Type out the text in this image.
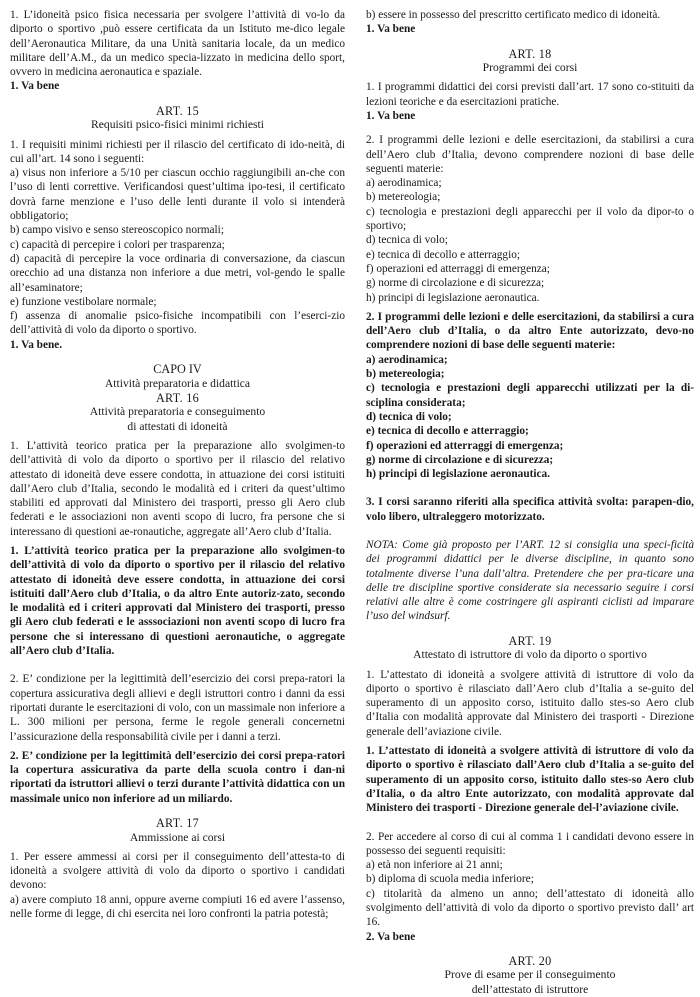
1. L’idoneità psico fisica necessaria per svolgere l’attività di vo-lo da diporto o sportivo ,può essere certificata da un Istituto me-dico legale dell’Aeronautica Militare, da una Unità sanitaria locale, da un medico militare dell’A.M., da un medico specia-lizzato in medicina dello sport, ovvero in medicina aeronautica e spaziale.

1. Va bene

ART. 15
Requisiti psico-fisici minimi richiesti

1. I requisiti minimi richiesti per il rilascio del certificato di ido-neità, di cui all’art. 14 sono i seguenti:

a) visus non inferiore a 5/10 per ciascun occhio raggiungibili an-che con l’uso di lenti correttive. Verificandosi quest’ultima ipo-tesi, il certificato dovrà farne menzione e l’uso delle lenti durante il volo si intenderà obbligatorio;

b) campo visivo e senso stereoscopico normali;

c) capacità di percepire i colori per trasparenza;

d) capacità di percepire la voce ordinaria di conversazione, da ciascun orecchio ad una distanza non inferiore a due metri, vol-gendo le spalle all’esaminatore;

e) funzione vestibolare normale;

f) assenza di anomalie psico-fisiche incompatibili con l’eserci-zio dell’attività di volo da diporto o sportivo.

1. Va bene.

CAPO IV
Attività preparatoria e didattica
ART. 16
Attività preparatoria e conseguimento
di attestati di idoneità

1. L’attività teorico pratica per la preparazione allo svolgimen-to dell’attività di volo da diporto o sportivo per il rilascio del relativo attestato di idoneità deve essere condotta, in attuazione dei corsi istituiti dall’Aero club d’Italia, secondo le modalità ed i criteri da quest’ultimo stabiliti ed approvati dal Ministero dei trasporti, presso gli Aero club federati e le associazioni non aventi scopo di lucro, fra persone che si interessano di questioni ae-ronautiche, aggregate all’Aero club d’Italia.

1. L’attività teorico pratica per la preparazione allo svolgimen-to dell’attività di volo da diporto o sportivo per il rilascio del relativo attestato di idoneità deve essere condotta, in attuazione dei corsi istituiti dall’Aero club d’Italia, o da altro Ente autoriz-zato, secondo le modalità ed i criteri approvati dal Ministero dei trasporti, presso gli Aero club federati e le asssociazioni non aventi scopo di lucro fra persone che si interessano di questioni aeronautiche, o aggregate all’Aero club d’Italia.

2. E’ condizione per la legittimità dell’esercizio dei corsi prepa-ratori la copertura assicurativa degli allievi e degli istruttori contro i danni da essi riportati durante le esercitazioni di volo, con un massimale non inferiore a L. 300 milioni per persona, ferme le regole generali concernetni l’assicurazione della responsabilità civile per i danni a terzi.

2. E’ condizione per la legittimità dell’esercizio dei corsi prepa-ratori la copertura assicurativa da parte della scuola contro i dan-ni riportati da istruttori allievi o terzi durante l’attività didattica con un massimale unico non inferiore ad un miliardo.

ART. 17
Ammissione ai corsi

1. Per essere ammessi ai corsi per il conseguimento dell’attesta-to di idoneità a svolgere attività di volo da diporto o sportivo i candidati devono:

a) avere compiuto 18 anni, oppure averne compiuti 16 ed avere l’assenso, nelle forme di legge, di chi esercita nei loro confronti la patria potestà;

b) essere in possesso del prescritto certificato medico di idoneità.

1. Va bene

ART. 18
Programmi dei corsi

1. I programmi didattici dei corsi previsti dall’art. 17 sono co-stituiti da lezioni teoriche e da esercitazioni pratiche.

1. Va bene

2. I programmi delle lezioni e delle esercitazioni, da stabilirsi a cura dell’Aero club d’Italia, devono comprendere nozioni di base delle seguenti materie:

a) aerodinamica;

b) metereologia;

c) tecnologia e prestazioni degli apparecchi per il volo da dipor-to o sportivo;

d) tecnica di volo;

e) tecnica di decollo e atterraggio;

f) operazioni ed atterraggi di emergenza;

g) norme di circolazione e di sicurezza;

h) principi di legislazione aeronautica.

2. I programmi delle lezioni e delle esercitazioni, da stabilirsi a cura dell’Aero club d’Italia, o da altro Ente autorizzato, devo-no comprendere nozioni di base delle seguenti materie:

a) aerodinamica;

b) metereologia;

c) tecnologia e prestazioni degli apparecchi utilizzati per la di-sciplina considerata;

d) tecnica di volo;

e) tecnica di decollo e atterraggio;

f) operazioni ed atterraggi di emergenza;

g) norme di circolazione e di sicurezza;

h) principi di legislazione aeronautica.

3. I corsi saranno riferiti alla specifica attività svolta: parapen-dio, volo libero, ultraleggero motorizzato.

NOTA: Come già proposto per l’ART. 12 si consiglia una speci-ficità dei programmi didattici per le diverse discipline, in quanto sono totalmente diverse l’una dall’altra. Pretendere che per pra-ticare una delle tre discipline sportive considerate sia necessario seguire i corsi relativi alle altre è come costringere gli aspiranti ciclisti ad imparare l’uso del windsurf.

ART. 19
Attestato di istruttore di volo da diporto o sportivo

1. L’attestato di idoneità a svolgere attività di istruttore di volo da diporto o sportivo è rilasciato dall’Aero club d’Italia a se-guito del superamento di un apposito corso, istituito dallo stes-so Aero club d’Italia con modalità approvate dal Ministero dei trasporti - Direzione generale dell’aviazione civile.

1. L’attestato di idoneità a svolgere attività di istruttore di volo da diporto o sportivo è rilasciato dall’Aero club d’Italia a se-guito del superamento di un apposito corso, istituito dallo stes-so Aero club d’Italia, o da altro Ente autorizzato, con modalità approvate dal Ministero dei trasporti - Direzione generale del-l’aviazione civile.

2. Per accedere al corso di cui al comma 1 i candidati devono essere in possesso dei seguenti requisiti:

a) età non inferiore ai 21 anni;

b) diploma di scuola media inferiore;

c) titolarità da almeno un anno; dell’attestato di idoneità allo svolgimento dell’attività di volo da diporto o sportivo previsto dall’ art 16.

2. Va bene

ART. 20
Prove di esame per il conseguimento
dell’attestato di istruttore
